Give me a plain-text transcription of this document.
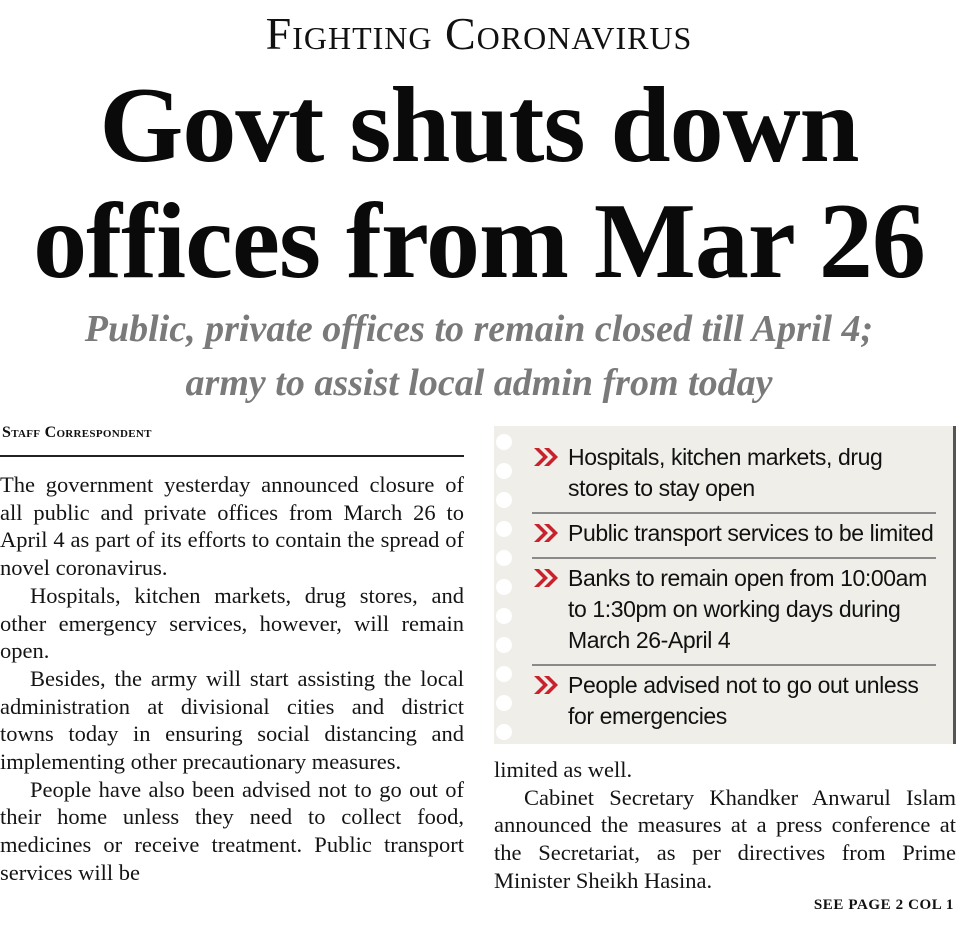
Fighting Coronavirus
Govt shuts down
offices from Mar 26
Public, private offices to remain closed till April 4;
army to assist local admin from today
Staff Correspondent

The government yesterday announced closure of all public and private offices from March 26 to April 4 as part of its efforts to contain the spread of novel coronavirus.

Hospitals, kitchen markets, drug stores, and other emergency services, however, will remain open.

Besides, the army will start assisting the local administration at divisional cities and district towns today in ensuring social distancing and implementing other precautionary measures.

People have also been advised not to go out of their home unless they need to collect food, medicines or receive treatment. Public transport services will be

Hospitals, kitchen markets, drug stores to stay open
Public transport services to be limited
Banks to remain open from 10:00am to 1:30pm on working days during March 26-April 4
People advised not to go out unless for emergencies

limited as well.

Cabinet Secretary Khandker Anwarul Islam announced the measures at a press conference at the Secretariat, as per directives from Prime Minister Sheikh Hasina.

SEE PAGE 2 COL 1
